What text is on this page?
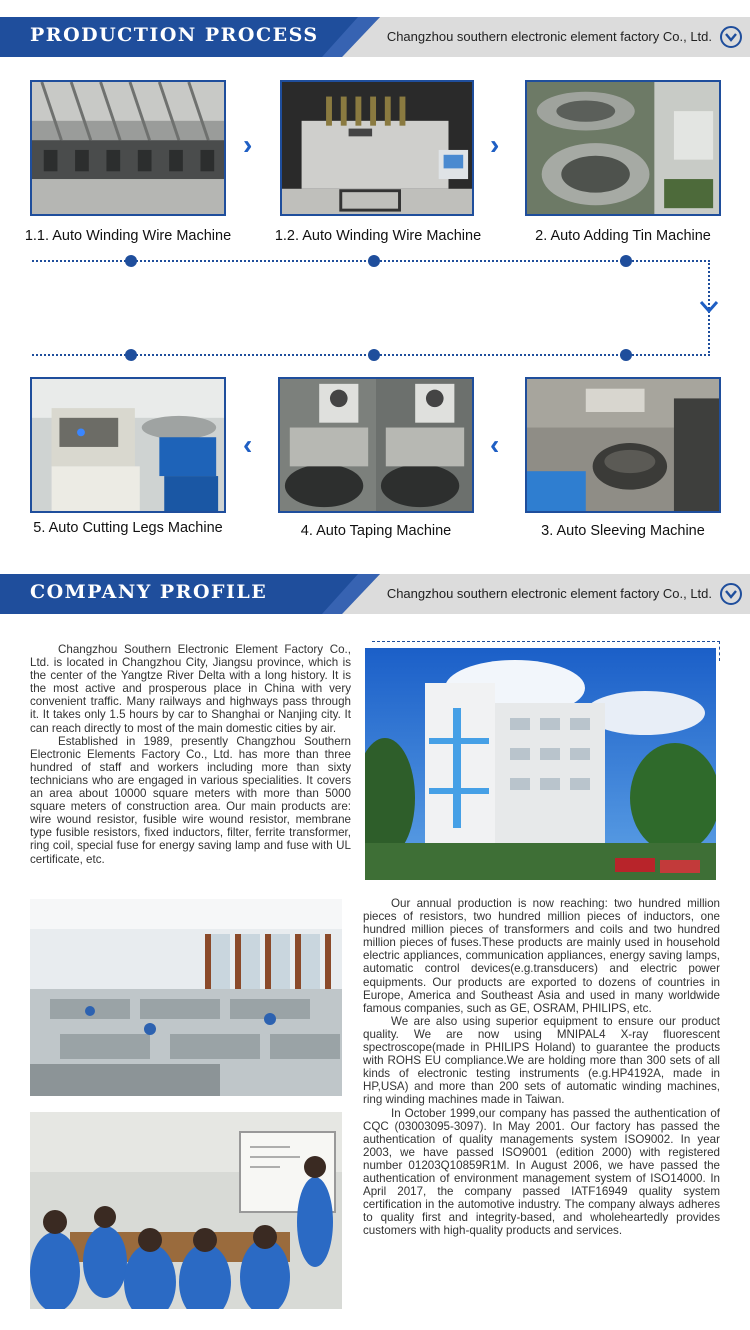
PRODUCTION PROCESS	Changzhou southern electronic element factory Co., Ltd.
›	›
1.1. Auto Winding Wire Machine	1.2. Auto Winding Wire Machine	2. Auto Adding Tin Machine
‹	‹
5. Auto Cutting Legs Machine	4. Auto Taping Machine	3. Auto Sleeving Machine
COMPANY PROFILE	Changzhou southern electronic element factory Co., Ltd.

Changzhou Southern Electronic Element Factory Co., Ltd. is located in Changzhou City, Jiangsu province, which is the center of the Yangtze River Delta with a long history. It is the most active and prosperous place in China with very convenient traffic. Many railways and highways pass through it. It takes only 1.5 hours by car to Shanghai or Nanjing city. It can reach directly to most of the main domestic cities by air.

Established in 1989, presently Changzhou Southern Electronic Elements Factory Co., Ltd. has more than three hundred of staff and workers including more than sixty technicians who are engaged in various specialities. It covers an area about 10000 square meters with more than 5000 square meters of construction area. Our main products are: wire wound resistor, fusible wire wound resistor, membrane type fusible resistors, fixed inductors, filter, ferrite transformer, ring coil, special fuse for energy saving lamp and fuse with UL certificate, etc.

Our annual production is now reaching: two hundred million pieces of resistors, two hundred million pieces of inductors, one hundred million pieces of transformers and coils and two hundred million pieces of fuses.These products are mainly used in household electric appliances, communication appliances, energy saving lamps, automatic control devices(e.g.transducers) and electric power equipments. Our products are exported to dozens of countries in Europe, America and Southeast Asia and used in many worldwide famous companies, such as GE, OSRAM, PHILIPS, etc.

We are also using superior equipment to ensure our product quality. We are now using MNIPAL4 X-ray fluorescent spectroscope(made in PHILIPS Holand) to guarantee the products with ROHS EU compliance.We are holding more than 300 sets of all kinds of electronic testing instruments (e.g.HP4192A, made in HP,USA) and more than 200 sets of automatic winding machines, ring winding machines made in Taiwan.

In October 1999,our company has passed the authentication of CQC (03003095-3097). In May 2001. Our factory has passed the authentication of quality managements system ISO9002. In year 2003, we have passed ISO9001 (edition 2000) with registered number 01203Q10859R1M. In August 2006, we have passed the authentication of environment management system of ISO14000. In April 2017, the company passed IATF16949 quality system certification in the automotive industry. The company always adheres to quality first and integrity-based, and wholeheartedly provides customers with high-quality products and services.
